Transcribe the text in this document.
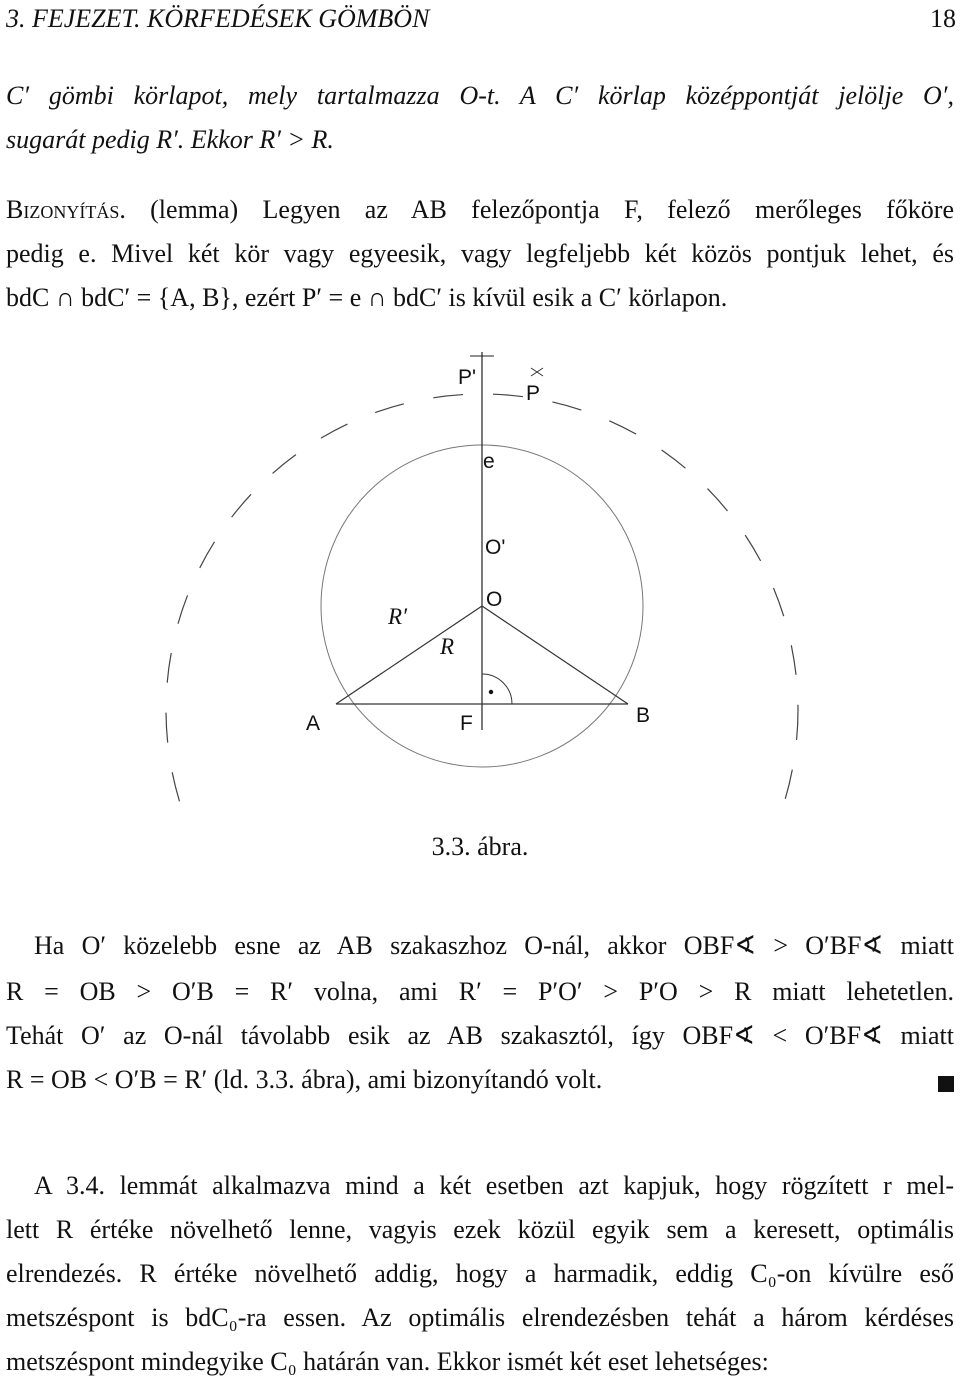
3. FEJEZET. KÖRFEDÉSEK GÖMBÖN	18
C′ gömbi körlapot, mely tartalmazza O-t. A C′ körlap középpontját jelölje O′,
sugarát pedig R′. Ekkor R′ > R.
Bizonyítás. (lemma) Legyen az AB felezőpontja F, felező merőleges főköre
pedig e. Mivel két kör vagy egyeesik, vagy legfeljebb két közös pontjuk lehet, és
bdC ∩ bdC′ = {A, B}, ezért P′ = e ∩ bdC′ is kívül esik a C′ körlapon.
P'
P
e
O'
O
R′
R
A	F	B
3.3. ábra.
Ha O′ közelebb esne az AB szakaszhoz O-nál, akkor OBF∢ > O′BF∢ miatt
R = OB > O′B = R′ volna, ami R′ = P′O′ > P′O > R miatt lehetetlen.
Tehát O′ az O-nál távolabb esik az AB szakasztól, így OBF∢ < O′BF∢ miatt
R = OB < O′B = R′ (ld. 3.3. ábra), ami bizonyítandó volt.
A 3.4. lemmát alkalmazva mind a két esetben azt kapjuk, hogy rögzített r mel-
lett R értéke növelhető lenne, vagyis ezek közül egyik sem a keresett, optimális
elrendezés. R értéke növelhető addig, hogy a harmadik, eddig C₀-on kívülre eső
metszéspont is bdC₀-ra essen. Az optimális elrendezésben tehát a három kérdéses
metszéspont mindegyike C₀ határán van. Ekkor ismét két eset lehetséges:
